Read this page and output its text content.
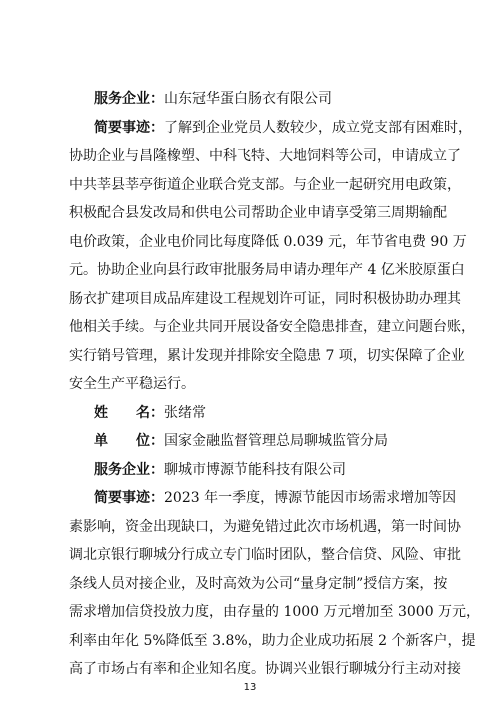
服务企业：山东冠华蛋白肠衣有限公司
简要事迹：了解到企业党员人数较少，成立党支部有困难时，
协助企业与昌隆橡塑、中科飞特、大地饲料等公司，申请成立了
中共莘县莘亭街道企业联合党支部。与企业一起研究用电政策，
积极配合县发改局和供电公司帮助企业申请享受第三周期输配
电价政策，企业电价同比每度降低 0.039 元，年节省电费 90 万
元。协助企业向县行政审批服务局申请办理年产 4 亿米胶原蛋白
肠衣扩建项目成品库建设工程规划许可证，同时积极协助办理其
他相关手续。与企业共同开展设备安全隐患排查，建立问题台账，
实行销号管理，累计发现并排除安全隐患 7 项，切实保障了企业
安全生产平稳运行。
姓　　名：张绪常
单　　位：国家金融监督管理总局聊城监管分局
服务企业：聊城市博源节能科技有限公司
简要事迹：2023 年一季度，博源节能因市场需求增加等因
素影响，资金出现缺口，为避免错过此次市场机遇，第一时间协
调北京银行聊城分行成立专门临时团队，整合信贷、风险、审批
条线人员对接企业，及时高效为公司“量身定制”授信方案，按
需求增加信贷投放力度，由存量的 1000 万元增加至 3000 万元，
利率由年化 5%降低至 3.8%，助力企业成功拓展 2 个新客户，提
高了市场占有率和企业知名度。协调兴业银行聊城分行主动对接
13
